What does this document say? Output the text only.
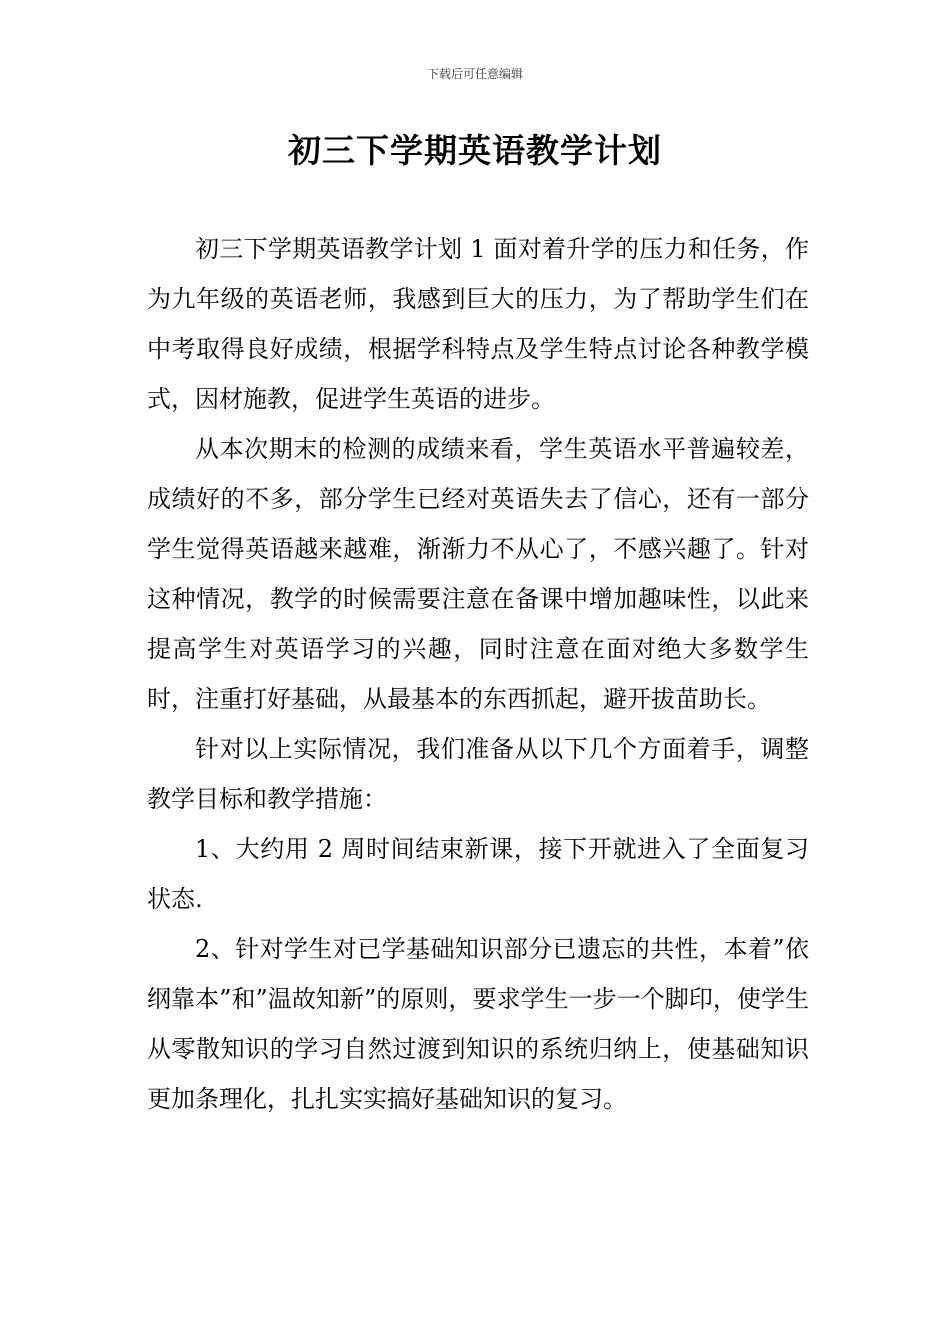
下载后可任意编辑
初三下学期英语教学计划

初三下学期英语教学计划 1 面对着升学的压力和任务，作为九年级的英语老师，我感到巨大的压力，为了帮助学生们在中考取得良好成绩，根据学科特点及学生特点讨论各种教学模式，因材施教，促进学生英语的进步。

从本次期末的检测的成绩来看，学生英语水平普遍较差，成绩好的不多，部分学生已经对英语失去了信心，还有一部分学生觉得英语越来越难，渐渐力不从心了，不感兴趣了。针对这种情况，教学的时候需要注意在备课中增加趣味性，以此来提高学生对英语学习的兴趣，同时注意在面对绝大多数学生时，注重打好基础，从最基本的东西抓起，避开拔苗助长。

针对以上实际情况，我们准备从以下几个方面着手，调整教学目标和教学措施：

1、大约用 2 周时间结束新课，接下开就进入了全面复习状态.

2、针对学生对已学基础知识部分已遗忘的共性，本着”依纲靠本”和”温故知新”的原则，要求学生一步一个脚印，使学生从零散知识的学习自然过渡到知识的系统归纳上，使基础知识更加条理化，扎扎实实搞好基础知识的复习。
